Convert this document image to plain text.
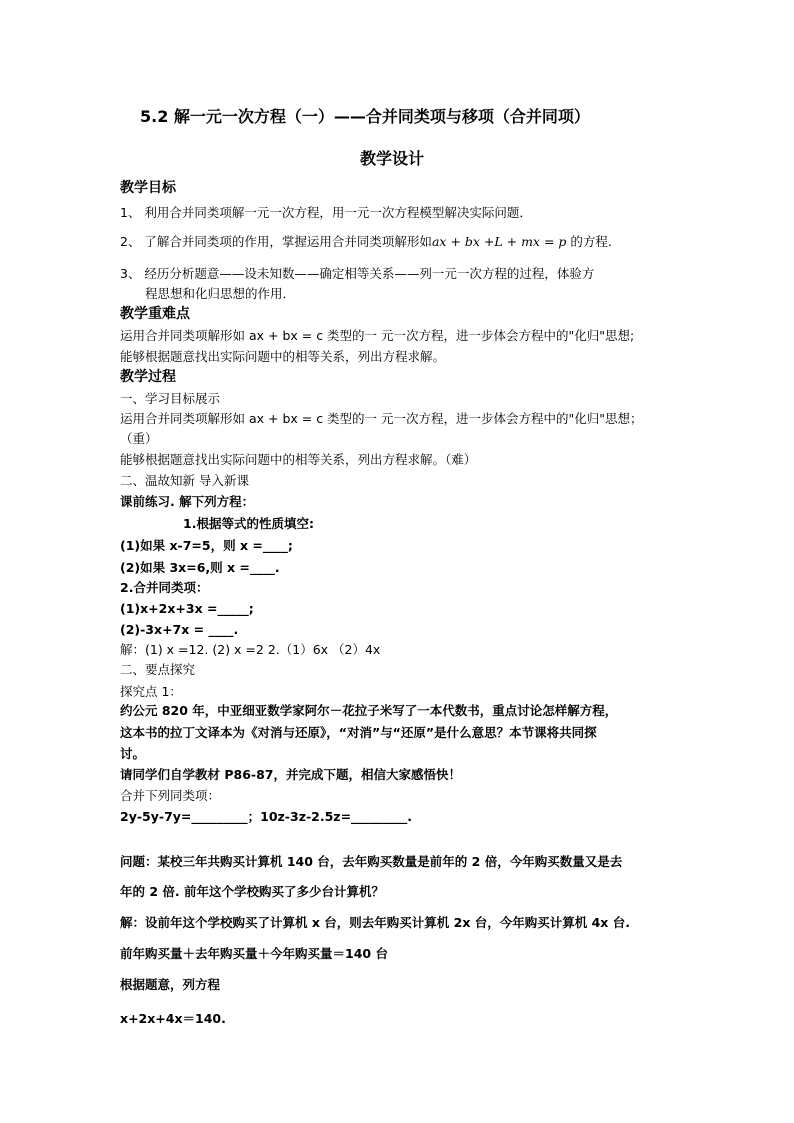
5.2 解一元一次方程（一）——合并同类项与移项（合并同项）
教学设计
教学目标
1、 利用合并同类项解一元一次方程，用一元一次方程模型解决实际问题．
2、 了解合并同类项的作用，掌握运用合并同类项解形如ax + bx +L + mx = p 的方程.
3、 经历分析题意——设未知数——确定相等关系——列一元一次方程的过程，体验方
程思想和化归思想的作用．
教学重难点
运用合并同类项解形如 ax + bx = c 类型的一 元一次方程，进一步体会方程中的"化归"思想;
能够根据题意找出实际问题中的相等关系，列出方程求解。
教学过程
一、学习目标展示
运用合并同类项解形如 ax + bx = c 类型的一 元一次方程，进一步体会方程中的"化归"思想；
（重）
能够根据题意找出实际问题中的相等关系，列出方程求解。（难）
二、温故知新 导入新课
课前练习. 解下列方程：
1.根据等式的性质填空:
(1)如果 x-7=5，则 x =____;
(2)如果 3x=6,则 x =____.
2.合并同类项：
(1)x+2x+3x =_____;
(2)-3x+7x = ____.
解：(1) x =12. (2) x =2 2.（1）6x （2）4x
二、要点探究
探究点 1：
约公元 820 年，中亚细亚数学家阿尔－花拉子米写了一本代数书，重点讨论怎样解方程，
这本书的拉丁文译本为《对消与还原》，“对消”与“还原”是什么意思？本节课将共同探
讨。
请同学们自学教材 P86-87，并完成下题，相信大家感悟快！
合并下列同类项：
2y-5y-7y=_________；10z-3z-2.5z=_________.
问题：某校三年共购买计算机 140 台，去年购买数量是前年的 2 倍，今年购买数量又是去
年的 2 倍. 前年这个学校购买了多少台计算机？
解：设前年这个学校购买了计算机 x 台，则去年购买计算机 2x 台，今年购买计算机 4x 台.
前年购买量＋去年购买量＋今年购买量＝140 台
根据题意，列方程
x+2x+4x＝140.
